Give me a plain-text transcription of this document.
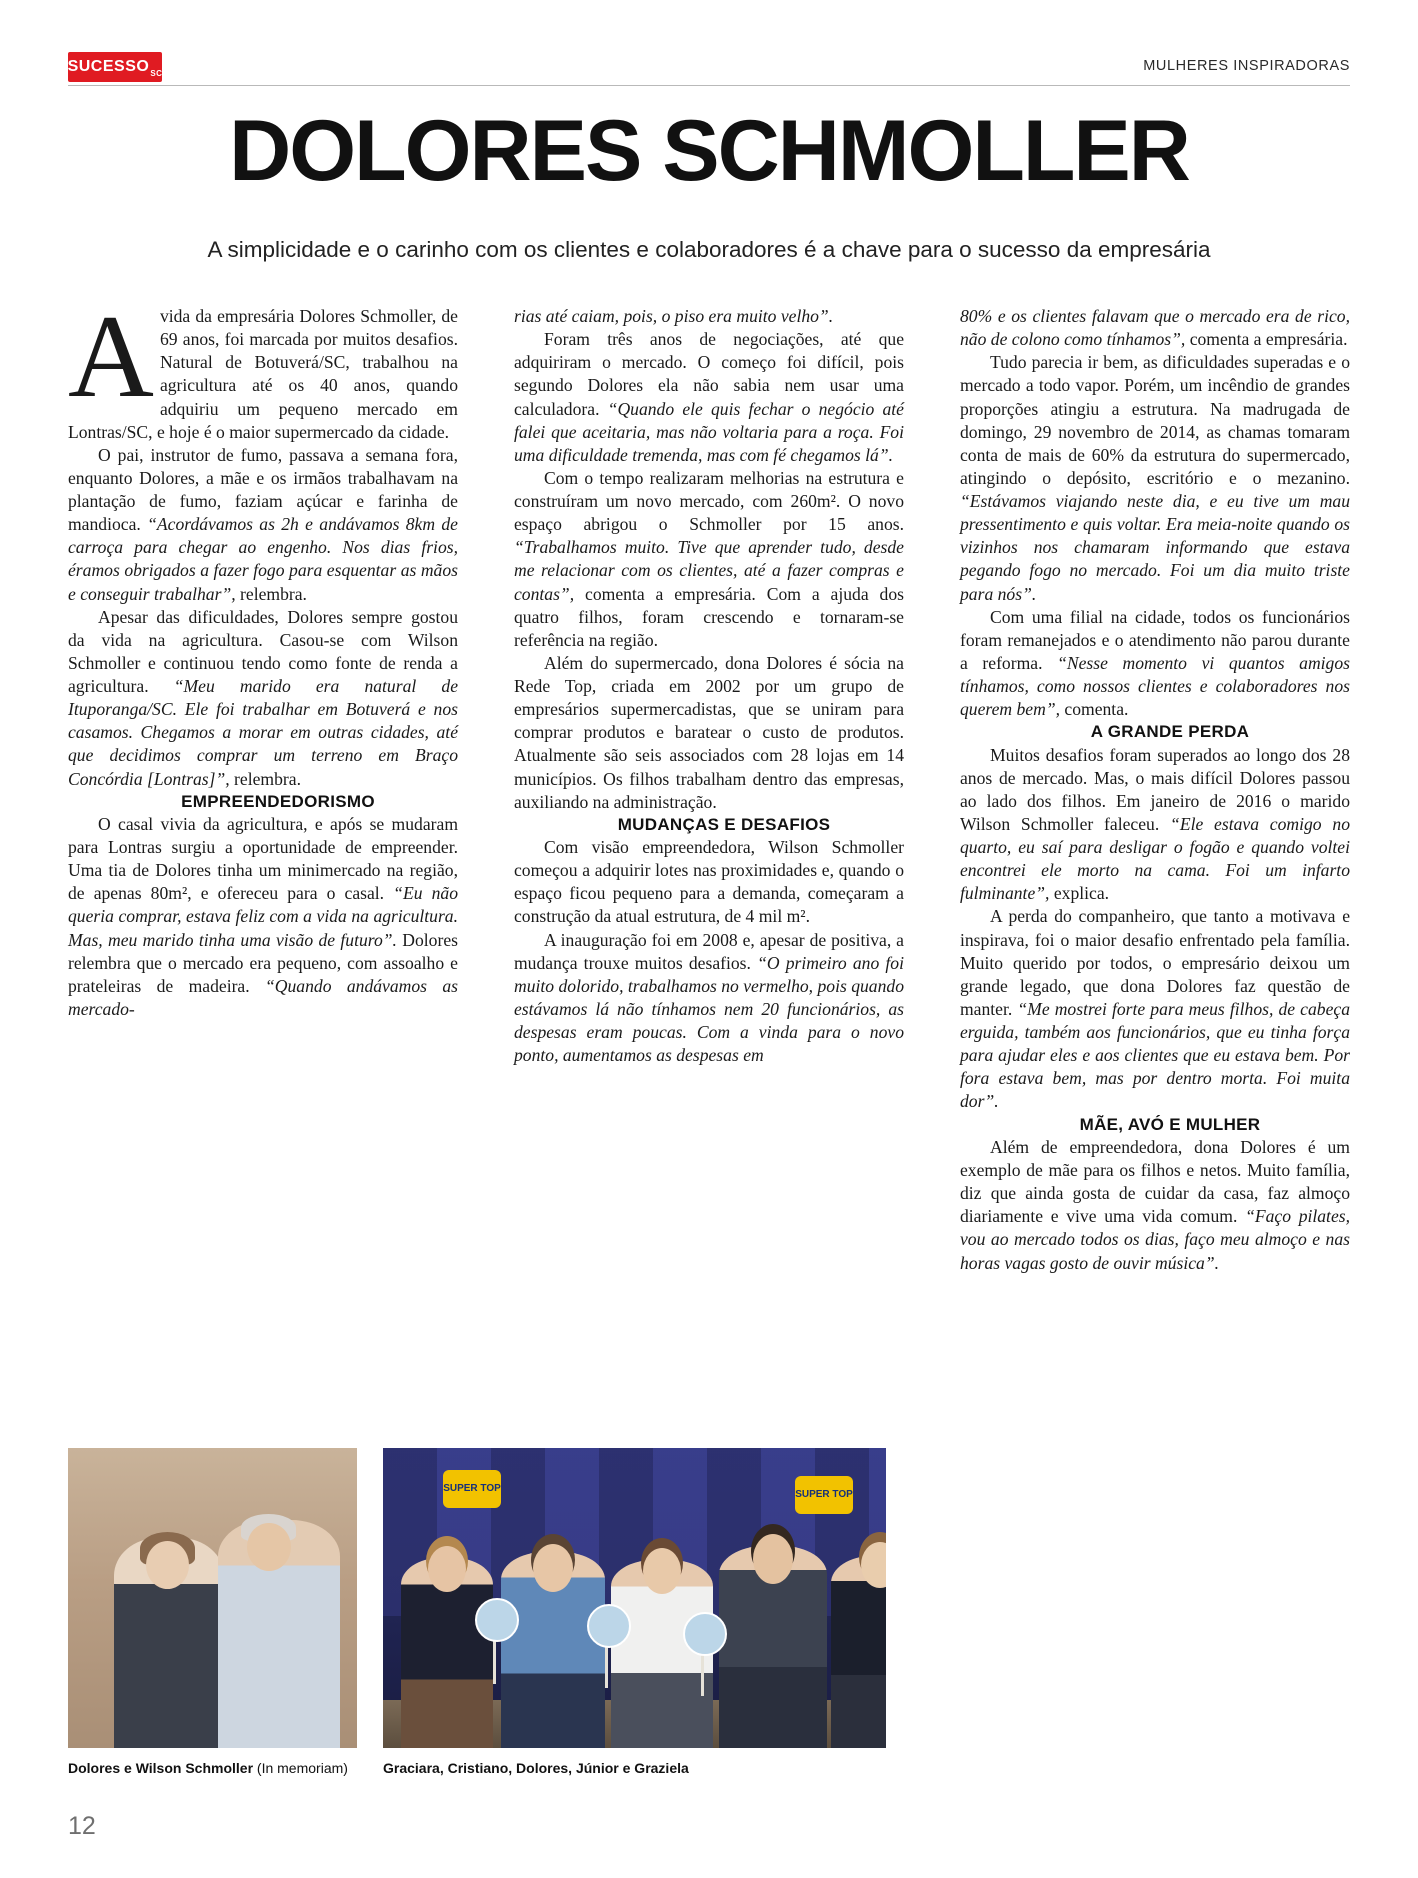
SUCESSO SC	MULHERES INSPIRADORAS
DOLORES SCHMOLLER
A simplicidade e o carinho com os clientes e colaboradores é a chave para o sucesso da empresária

Avida da empresária Dolores Schmoller, de 69 anos, foi marcada por muitos desafios. Natural de Botuverá/SC, trabalhou na agricultura até os 40 anos, quando adquiriu um pequeno mercado em Lontras/SC, e hoje é o maior supermercado da cidade.

O pai, instrutor de fumo, passava a semana fora, enquanto Dolores, a mãe e os irmãos trabalhavam na plantação de fumo, faziam açúcar e farinha de mandioca. “Acordávamos as 2h e andávamos 8km de carroça para chegar ao engenho. Nos dias frios, éramos obrigados a fazer fogo para esquentar as mãos e conseguir trabalhar”, relembra.

Apesar das dificuldades, Dolores sempre gostou da vida na agricultura. Casou-se com Wilson Schmoller e continuou tendo como fonte de renda a agricultura. “Meu marido era natural de Ituporanga/SC. Ele foi trabalhar em Botuverá e nos casamos. Chegamos a morar em outras cidades, até que decidimos comprar um terreno em Braço Concórdia [Lontras]”, relembra.

EMPREENDEDORISMO

O casal vivia da agricultura, e após se mudaram para Lontras surgiu a oportunidade de empreender. Uma tia de Dolores tinha um minimercado na região, de apenas 80m², e ofereceu para o casal. “Eu não queria comprar, estava feliz com a vida na agricultura. Mas, meu marido tinha uma visão de futuro”. Dolores relembra que o mercado era pequeno, com assoalho e prateleiras de madeira. “Quando andávamos as mercado-

rias até caiam, pois, o piso era muito velho”.

Foram três anos de negociações, até que adquiriram o mercado. O começo foi difícil, pois segundo Dolores ela não sabia nem usar uma calculadora. “Quando ele quis fechar o negócio até falei que aceitaria, mas não voltaria para a roça. Foi uma dificuldade tremenda, mas com fé chegamos lá”.

Com o tempo realizaram melhorias na estrutura e construíram um novo mercado, com 260m². O novo espaço abrigou o Schmoller por 15 anos. “Trabalhamos muito. Tive que aprender tudo, desde me relacionar com os clientes, até a fazer compras e contas”, comenta a empresária. Com a ajuda dos quatro filhos, foram crescendo e tornaram-se referência na região.

Além do supermercado, dona Dolores é sócia na Rede Top, criada em 2002 por um grupo de empresários supermercadistas, que se uniram para comprar produtos e baratear o custo de produtos. Atualmente são seis associados com 28 lojas em 14 municípios. Os filhos trabalham dentro das empresas, auxiliando na administração.

MUDANÇAS E DESAFIOS

Com visão empreendedora, Wilson Schmoller começou a adquirir lotes nas proximidades e, quando o espaço ficou pequeno para a demanda, começaram a construção da atual estrutura, de 4 mil m².

A inauguração foi em 2008 e, apesar de positiva, a mudança trouxe muitos desafios. “O primeiro ano foi muito dolorido, trabalhamos no vermelho, pois quando estávamos lá não tínhamos nem 20 funcionários, as despesas eram poucas. Com a vinda para o novo ponto, aumentamos as despesas em

80% e os clientes falavam que o mercado era de rico, não de colono como tínhamos”, comenta a empresária.

Tudo parecia ir bem, as dificuldades superadas e o mercado a todo vapor. Porém, um incêndio de grandes proporções atingiu a estrutura. Na madrugada de domingo, 29 novembro de 2014, as chamas tomaram conta de mais de 60% da estrutura do supermercado, atingindo o depósito, escritório e o mezanino. “Estávamos viajando neste dia, e eu tive um mau pressentimento e quis voltar. Era meia-noite quando os vizinhos nos chamaram informando que estava pegando fogo no mercado. Foi um dia muito triste para nós”.

Com uma filial na cidade, todos os funcionários foram remanejados e o atendimento não parou durante a reforma. “Nesse momento vi quantos amigos tínhamos, como nossos clientes e colaboradores nos querem bem”, comenta.

A GRANDE PERDA

Muitos desafios foram superados ao longo dos 28 anos de mercado. Mas, o mais difícil Dolores passou ao lado dos filhos. Em janeiro de 2016 o marido Wilson Schmoller faleceu. “Ele estava comigo no quarto, eu saí para desligar o fogão e quando voltei encontrei ele morto na cama. Foi um infarto fulminante”, explica.

A perda do companheiro, que tanto a motivava e inspirava, foi o maior desafio enfrentado pela família. Muito querido por todos, o empresário deixou um grande legado, que dona Dolores faz questão de manter. “Me mostrei forte para meus filhos, de cabeça erguida, também aos funcionários, que eu tinha força para ajudar eles e aos clientes que eu estava bem. Por fora estava bem, mas por dentro morta. Foi muita dor”.

MÃE, AVÓ E MULHER

Além de empreendedora, dona Dolores é um exemplo de mãe para os filhos e netos. Muito família, diz que ainda gosta de cuidar da casa, faz almoço diariamente e vive uma vida comum. “Faço pilates, vou ao mercado todos os dias, faço meu almoço e nas horas vagas gosto de ouvir música”.

Dolores e Wilson Schmoller (In memoriam)
SUPER TOP
SUPER TOP
Graciara, Cristiano, Dolores, Júnior e Graziela
12
